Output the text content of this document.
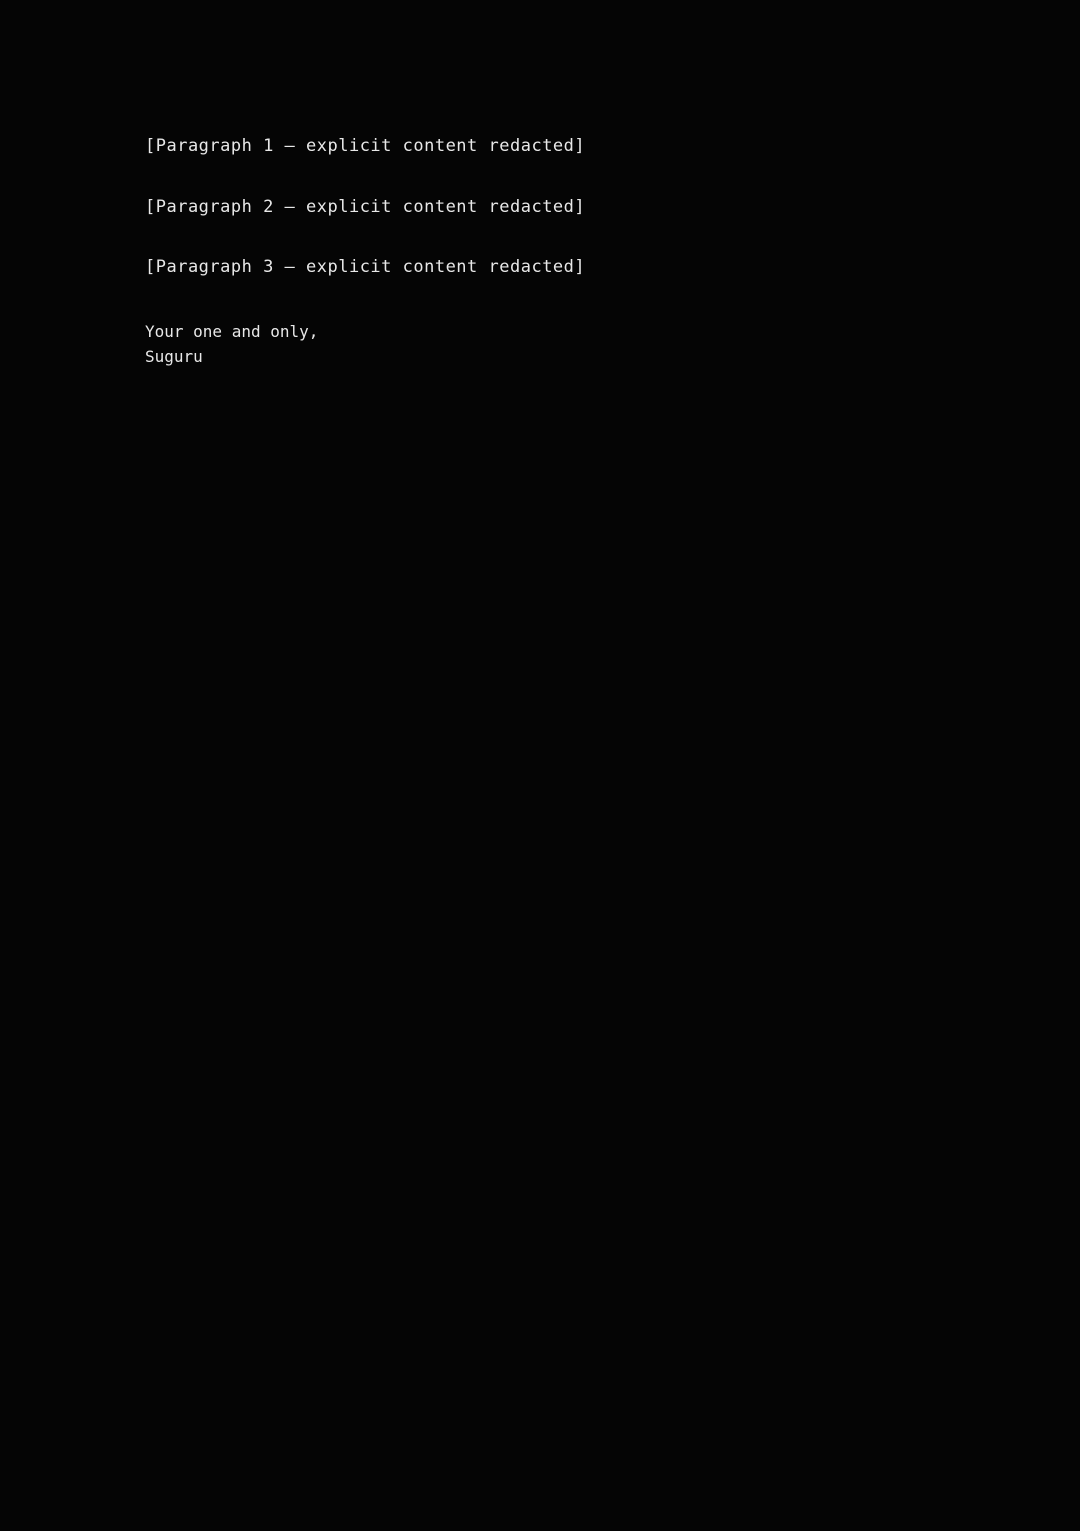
[Paragraph 1 — explicit content redacted]

[Paragraph 2 — explicit content redacted]

[Paragraph 3 — explicit content redacted]

Your one and only,
Suguru
